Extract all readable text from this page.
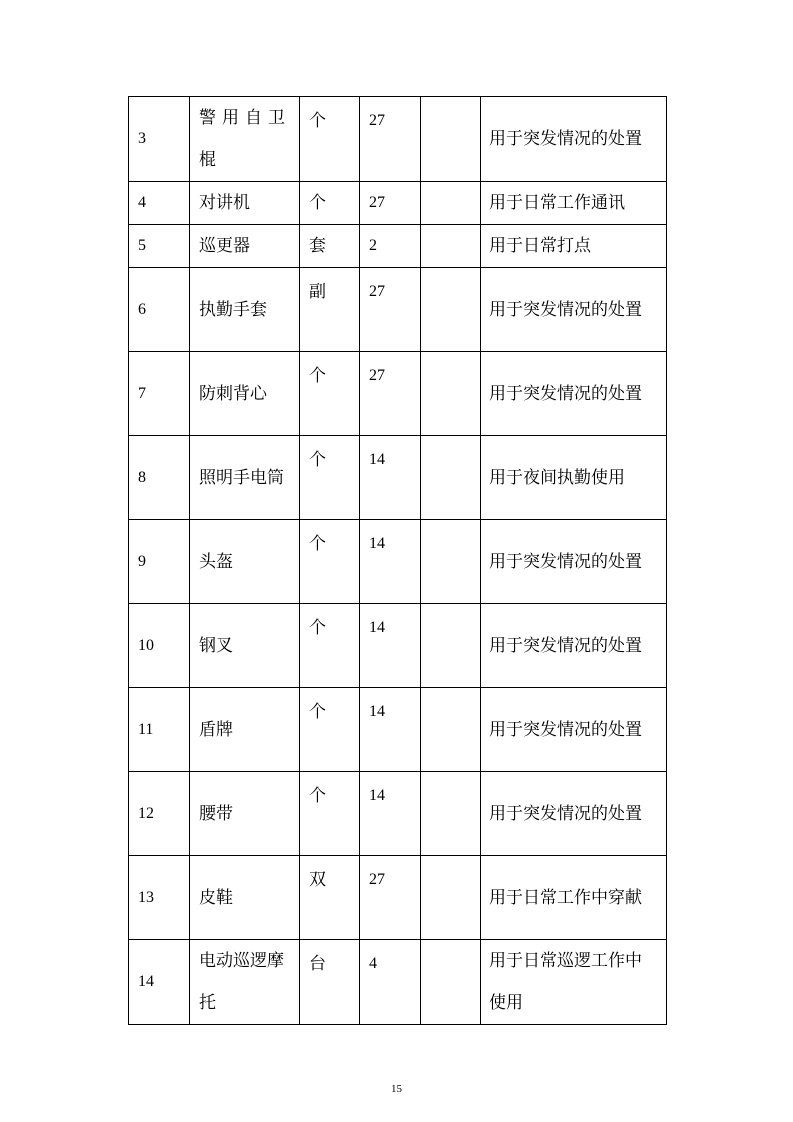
3	警用自卫棍	个	27		用于突发情况的处置
4	对讲机	个	27		用于日常工作通讯
5	巡更器	套	2		用于日常打点
6	执勤手套	副	27		用于突发情况的处置
7	防刺背心	个	27		用于突发情况的处置
8	照明手电筒	个	14		用于夜间执勤使用
9	头盔	个	14		用于突发情况的处置
10	钢叉	个	14		用于突发情况的处置
11	盾牌	个	14		用于突发情况的处置
12	腰带	个	14		用于突发情况的处置
13	皮鞋	双	27		用于日常工作中穿献
14	电动巡逻摩托	台	4		用于日常巡逻工作中使用
15
